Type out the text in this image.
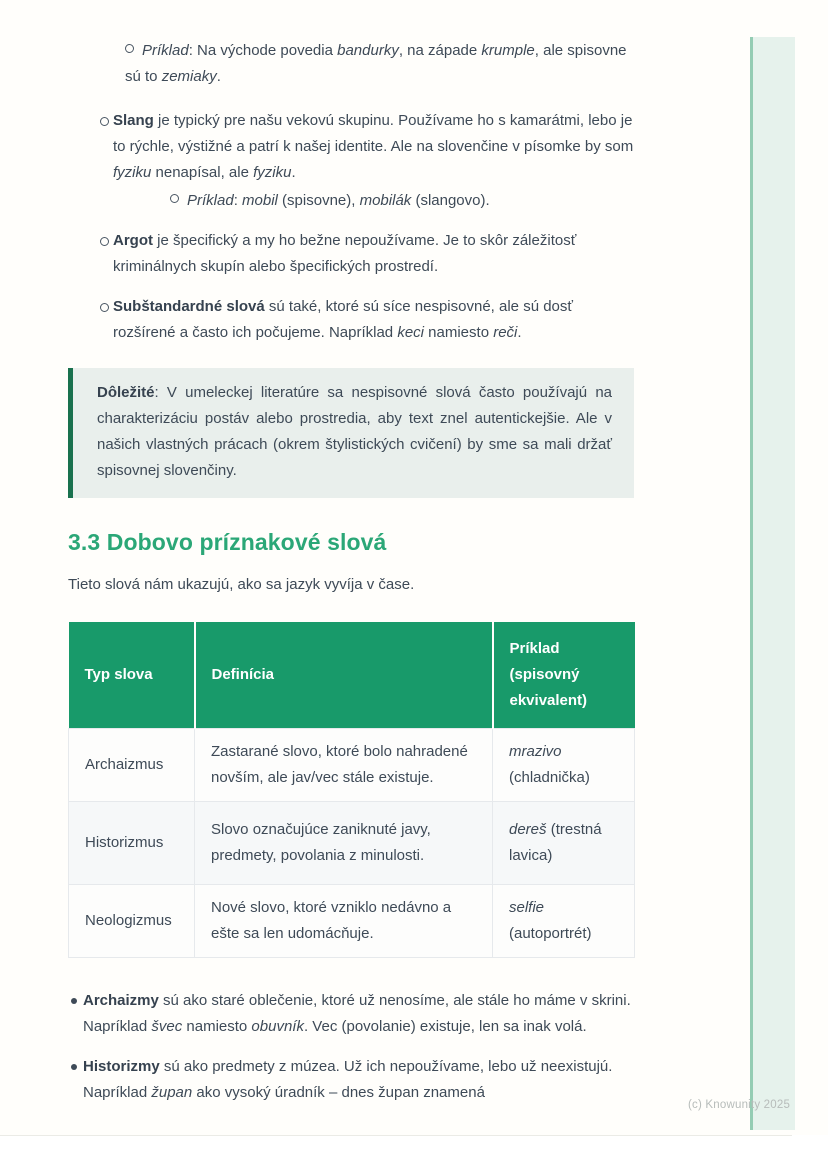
Príklad: Na východe povedia bandurky, na západe krumple, ale spisovne sú to zemiaky.
Slang je typický pre našu vekovú skupinu. Používame ho s kamarátmi, lebo je to rýchle, výstižné a patrí k našej identite. Ale na slovenčine v písomke by som fyziku nenapísal, ale fyziku.
Príklad: mobil (spisovne), mobilák (slangovo).
Argot je špecifický a my ho bežne nepoužívame. Je to skôr záležitosť kriminálnych skupín alebo špecifických prostredí.
Subštandardné slová sú také, ktoré sú síce nespisovné, ale sú dosť rozšírené a často ich počujeme. Napríklad keci namiesto reči.

Dôležité: V umeleckej literatúre sa nespisovné slová často používajú na charakterizáciu postáv alebo prostredia, aby text znel autentickejšie. Ale v našich vlastných prácach (okrem štylistických cvičení) by sme sa mali držať spisovnej slovenčiny.

3.3 Dobovo príznakové slová

Tieto slová nám ukazujú, ako sa jazyk vyvíja v čase.

Typ slova	Definícia	Príklad (spisovný ekvivalent)
Archaizmus	Zastarané slovo, ktoré bolo nahradené novším, ale jav/vec stále existuje.	mrazivo (chladnička)
Historizmus	Slovo označujúce zaniknuté javy, predmety, povolania z minulosti.	dereš (trestná lavica)
Neologizmus	Nové slovo, ktoré vzniklo nedávno a ešte sa len udomácňuje.	selfie (autoportrét)
Archaizmy sú ako staré oblečenie, ktoré už nenosíme, ale stále ho máme v skrini. Napríklad švec namiesto obuvník. Vec (povolanie) existuje, len sa inak volá.
Historizmy sú ako predmety z múzea. Už ich nepoužívame, lebo už neexistujú. Napríklad župan ako vysoký úradník – dnes župan znamená
(c) Knowunity 2025
